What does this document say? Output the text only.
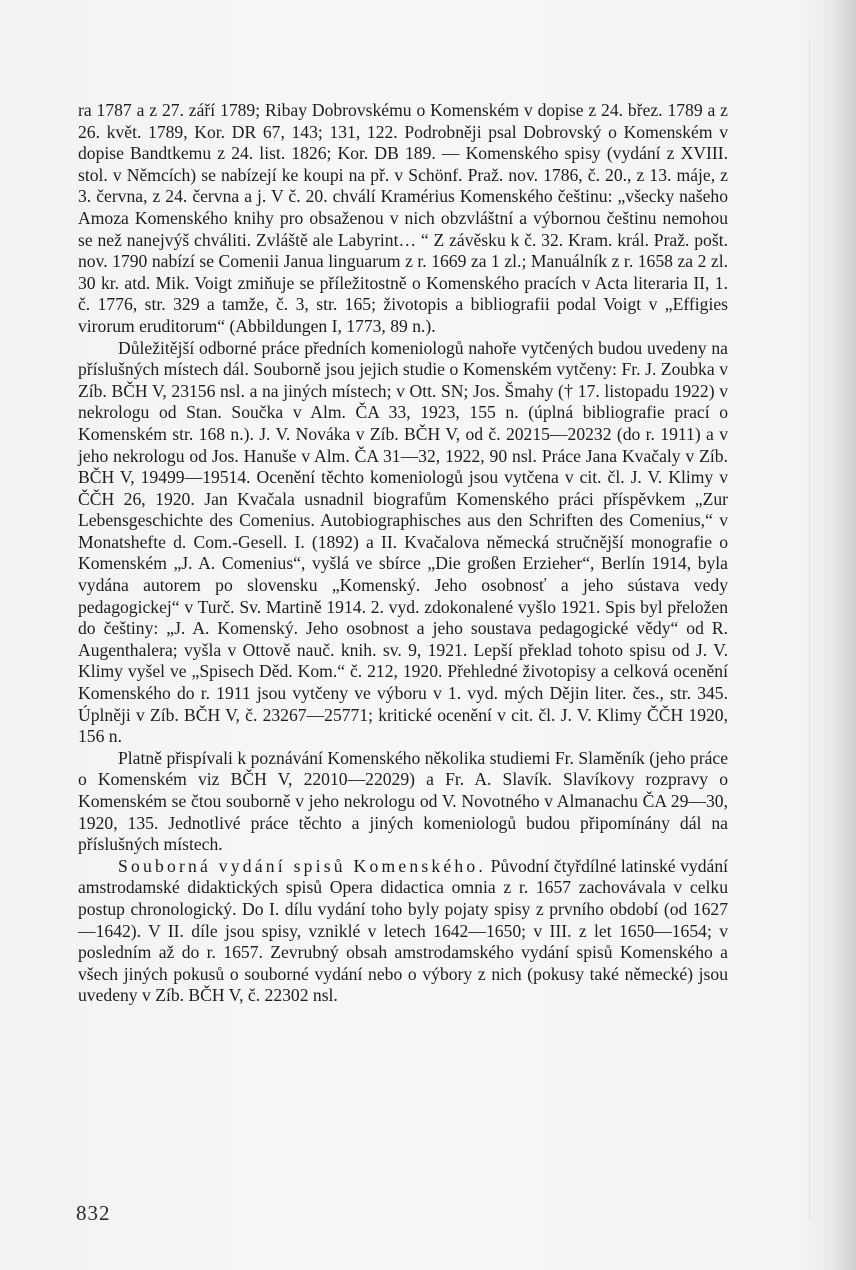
ra 1787 a z 27. září 1789; Ribay Dobrovskému o Komenském v dopise z 24. břez. 1789 a z 26. květ. 1789, Kor. DR 67, 143; 131, 122. Podrobněji psal Dobrovský o Komenském v dopise Bandtkemu z 24. list. 1826; Kor. DB 189. — Komenského spisy (vydání z XVIII. stol. v Němcích) se nabízejí ke koupi na př. v Schönf. Praž. nov. 1786, č. 20., z 13. máje, z 3. června, z 24. června a j. V č. 20. chválí Kramérius Komenského češtinu: „všecky našeho Amoza Komenského knihy pro obsaženou v nich obzvláštní a výbornou češtinu nemohou se než nanejvýš chváliti. Zvláště ale Labyrint… “ Z závěsku k č. 32. Kram. král. Praž. pošt. nov. 1790 nabízí se Comenii Janua linguarum z r. 1669 za 1 zl.; Manuálník z r. 1658 za 2 zl. 30 kr. atd. Mik. Voigt zmiňuje se příležitostně o Komenského pracích v Acta literaria II, 1. č. 1776, str. 329 a tamže, č. 3, str. 165; životopis a bibliografii podal Voigt v „Effigies virorum eruditorum“ (Abbildungen I, 1773, 89 n.).

Důležitější odborné práce předních komeniologů nahoře vytčených budou uvedeny na příslušných místech dál. Souborně jsou jejich studie o Komenském vytčeny: Fr. J. Zoubka v Zíb. BČH V, 23156 nsl. a na jiných místech; v Ott. SN; Jos. Šmahy († 17. listopadu 1922) v nekrologu od Stan. Součka v Alm. ČA 33, 1923, 155 n. (úplná bibliografie prací o Komenském str. 168 n.). J. V. Nováka v Zíb. BČH V, od č. 20215—20232 (do r. 1911) a v jeho nekrologu od Jos. Hanuše v Alm. ČA 31—32, 1922, 90 nsl. Práce Jana Kvačaly v Zíb. BČH V, 19499—19514. Ocenění těchto komeniologů jsou vytčena v cit. čl. J. V. Klimy v ČČH 26, 1920. Jan Kvačala usnadnil biografům Komenského práci příspěvkem „Zur Lebensgeschichte des Comenius. Autobiographisches aus den Schriften des Comenius,“ v Monatshefte d. Com.-Gesell. I. (1892) a II. Kvačalova německá stručnější monografie o Komenském „J. A. Comenius“, vyšlá ve sbírce „Die großen Erzieher“, Berlín 1914, byla vydána autorem po slovensku „Komenský. Jeho osobnosť a jeho sústava vedy pedagogickej“ v Turč. Sv. Martině 1914. 2. vyd. zdokonalené vyšlo 1921. Spis byl přeložen do češtiny: „J. A. Komenský. Jeho osobnost a jeho soustava pedagogické vědy“ od R. Augenthalera; vyšla v Ottově nauč. knih. sv. 9, 1921. Lepší překlad tohoto spisu od J. V. Klimy vyšel ve „Spisech Děd. Kom.“ č. 212, 1920. Přehledné životopisy a celková ocenění Komenského do r. 1911 jsou vytčeny ve výboru v 1. vyd. mých Dějin liter. čes., str. 345. Úplněji v Zíb. BČH V, č. 23267—25771; kritické ocenění v cit. čl. J. V. Klimy ČČH 1920, 156 n.

Platně přispívali k poznávání Komenského několika studiemi Fr. Slaměník (jeho práce o Komenském viz BČH V, 22010—22029) a Fr. A. Slavík. Slavíkovy rozpravy o Komenském se čtou souborně v jeho nekrologu od V. Novotného v Almanachu ČA 29—30, 1920, 135. Jednotlivé práce těchto a jiných komeniologů budou připomínány dál na příslušných místech.

Souborná vydání spisů Komenského. Původní čtyřdílné latinské vydání amstrodamské didaktických spisů Opera didactica omnia z r. 1657 zachovávala v celku postup chronologický. Do I. dílu vydání toho byly pojaty spisy z prvního období (od 1627—1642). V II. díle jsou spisy, vzniklé v letech 1642—1650; v III. z let 1650—1654; v posledním až do r. 1657. Zevrubný obsah amstrodamského vydání spisů Komenského a všech jiných pokusů o souborné vydání nebo o výbory z nich (pokusy také německé) jsou uvedeny v Zíb. BČH V, č. 22302 nsl.

832
